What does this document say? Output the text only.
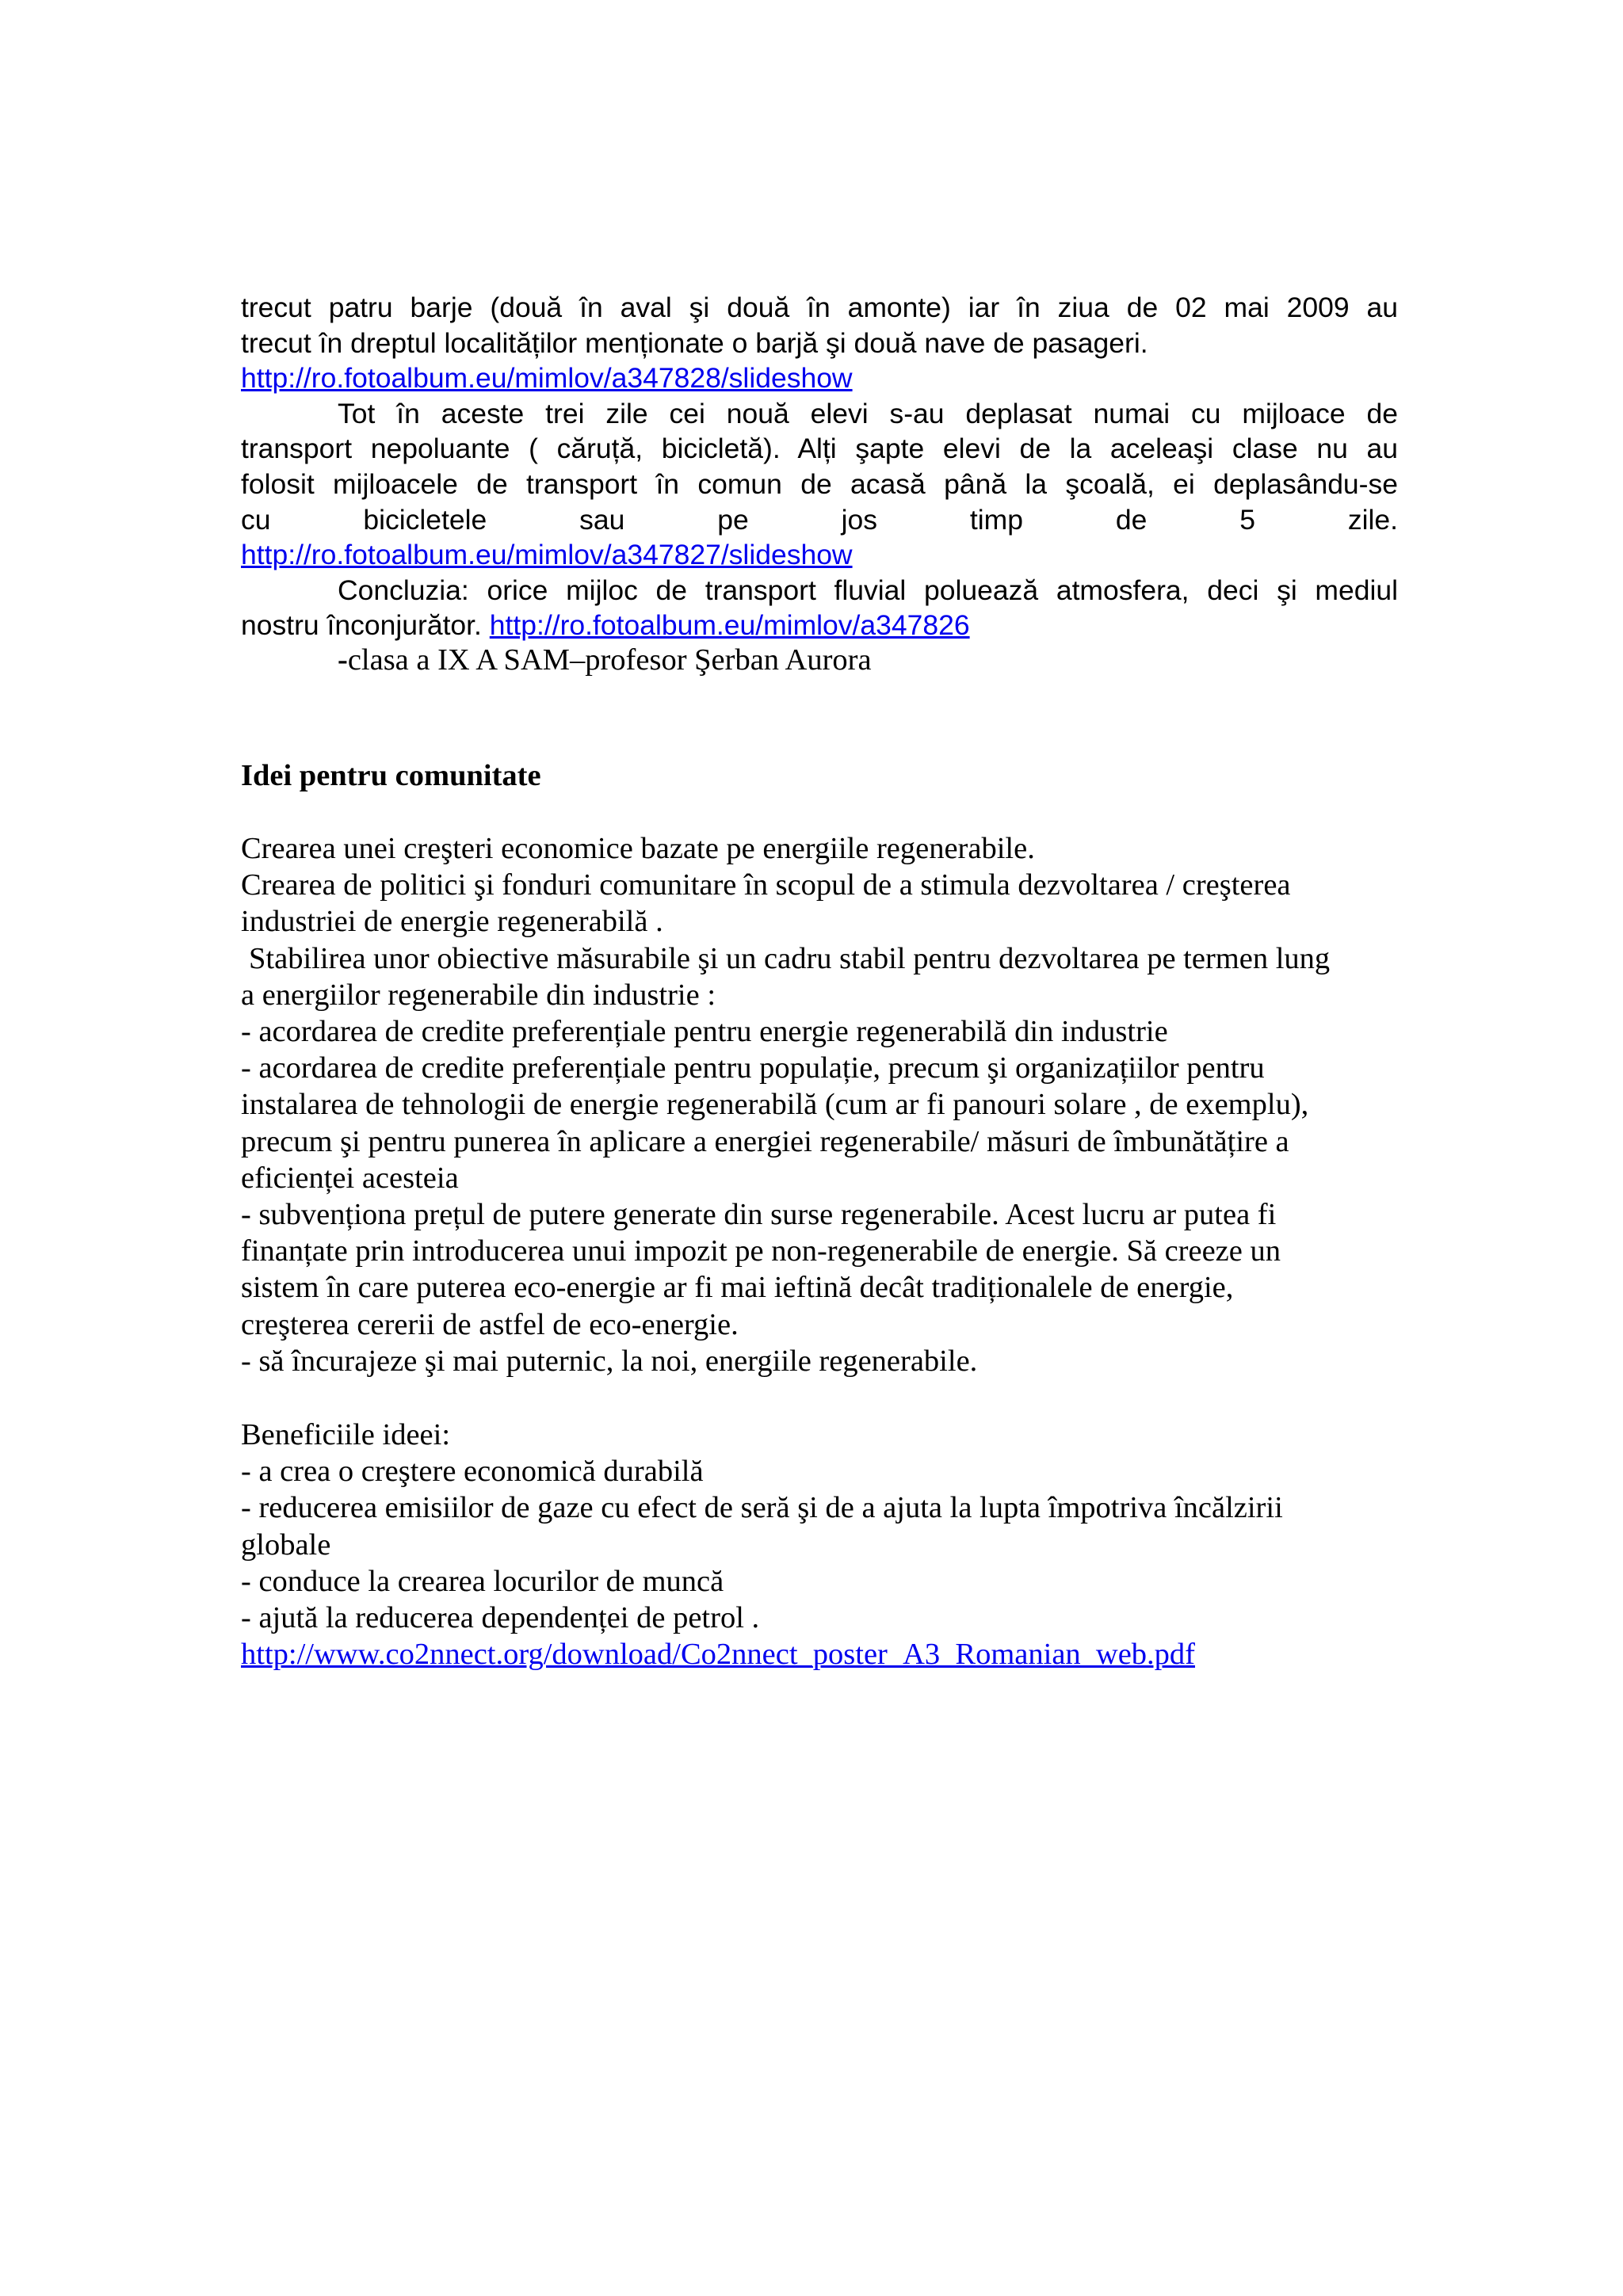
trecut patru barje (două în aval şi două în amonte) iar în ziua de 02 mai 2009 au
trecut în dreptul localităților menționate o barjă şi două nave de pasageri.
http://ro.fotoalbum.eu/mimlov/a347828/slideshow
Tot în aceste trei zile cei nouă elevi s-au deplasat numai cu mijloace de
transport nepoluante ( căruță, bicicletă). Alți şapte elevi de la aceleaşi clase nu au
folosit mijloacele de transport în comun de acasă până la şcoală, ei deplasându-se
cu bicicletele sau pe jos timp de 5 zile.
http://ro.fotoalbum.eu/mimlov/a347827/slideshow
Concluzia: orice mijloc de transport fluvial poluează atmosfera, deci şi mediul
nostru înconjurător. http://ro.fotoalbum.eu/mimlov/a347826
-clasa a IX A SAM–profesor Şerban Aurora
Idei pentru comunitate
Crearea unei creşteri economice bazate pe energiile regenerabile.
Crearea de politici şi fonduri comunitare în scopul de a stimula dezvoltarea / creşterea
industriei de energie regenerabilă .
Stabilirea unor obiective măsurabile şi un cadru stabil pentru dezvoltarea pe termen lung
a energiilor regenerabile din industrie :
- acordarea de credite preferențiale pentru energie regenerabilă din industrie
- acordarea de credite preferențiale pentru populație, precum şi organizațiilor pentru
instalarea de tehnologii de energie regenerabilă (cum ar fi panouri solare , de exemplu),
precum şi pentru punerea în aplicare a energiei regenerabile/ măsuri de îmbunătățire a
eficienței acesteia
- subvenționa prețul de putere generate din surse regenerabile. Acest lucru ar putea fi
finanțate prin introducerea unui impozit pe non-regenerabile de energie. Să creeze un
sistem în care puterea eco-energie ar fi mai ieftină decât tradiționalele de energie,
creşterea cererii de astfel de eco-energie.
- să încurajeze şi mai puternic, la noi, energiile regenerabile.
Beneficiile ideei:
- a crea o creştere economică durabilă
- reducerea emisiilor de gaze cu efect de seră şi de a ajuta la lupta împotriva încălzirii
globale
- conduce la crearea locurilor de muncă
- ajută la reducerea dependenței de petrol .
http://www.co2nnect.org/download/Co2nnect_poster_A3_Romanian_web.pdf
